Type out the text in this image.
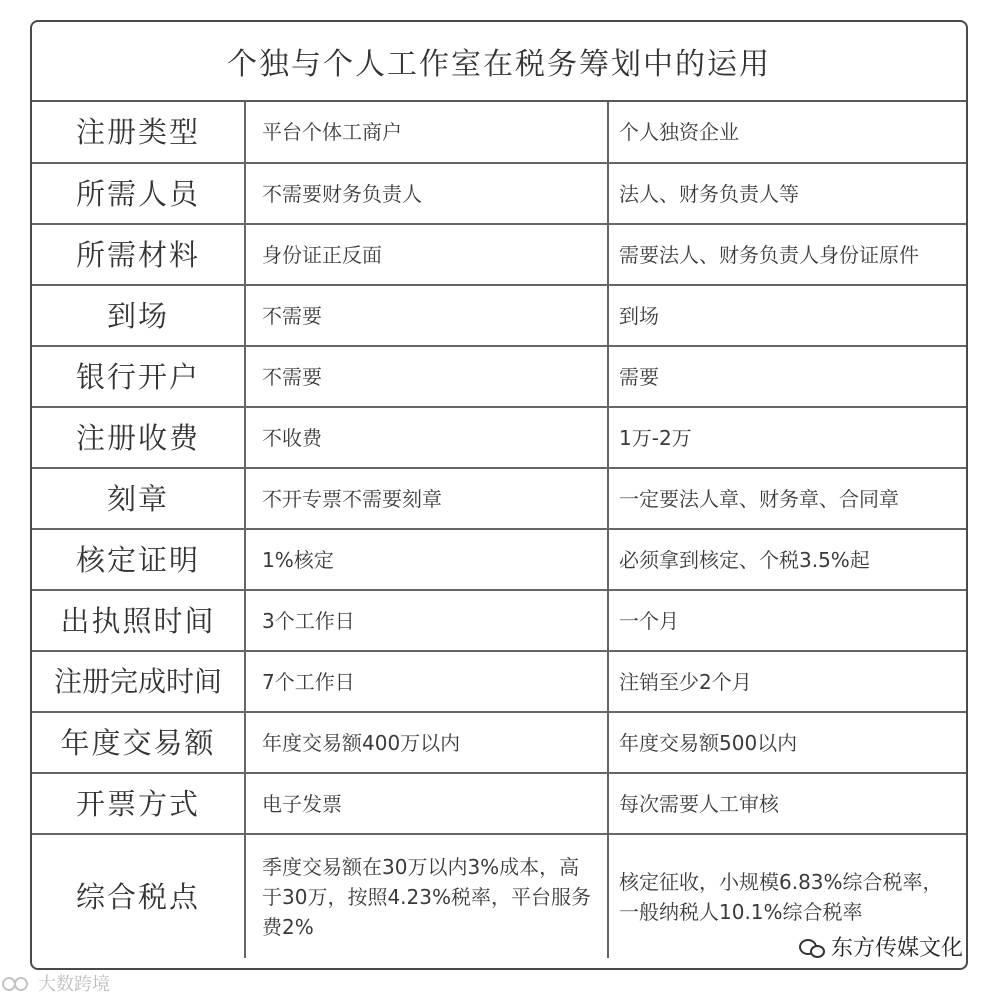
个独与个人工作室在税务筹划中的运用
注册类型	平台个体工商户	个人独资企业
所需人员	不需要财务负责人	法人、财务负责人等
所需材料	身份证正反面	需要法人、财务负责人身份证原件
到场	不需要	到场
银行开户	不需要	需要
注册收费	不收费	1万-2万
刻章	不开专票不需要刻章	一定要法人章、财务章、合同章
核定证明	1%核定	必须拿到核定、个税3.5%起
出执照时间	3个工作日	一个月
注册完成时间	7个工作日	注销至少2个月
年度交易额	年度交易额400万以内	年度交易额500以内
开票方式	电子发票	每次需要人工审核
综合税点	季度交易额在30万以内3%成本，高于30万，按照4.23%税率，平台服务费2%	核定征收，小规模6.83%综合税率，一般纳税人10.1%综合税率
东方传媒文化
大数跨境
